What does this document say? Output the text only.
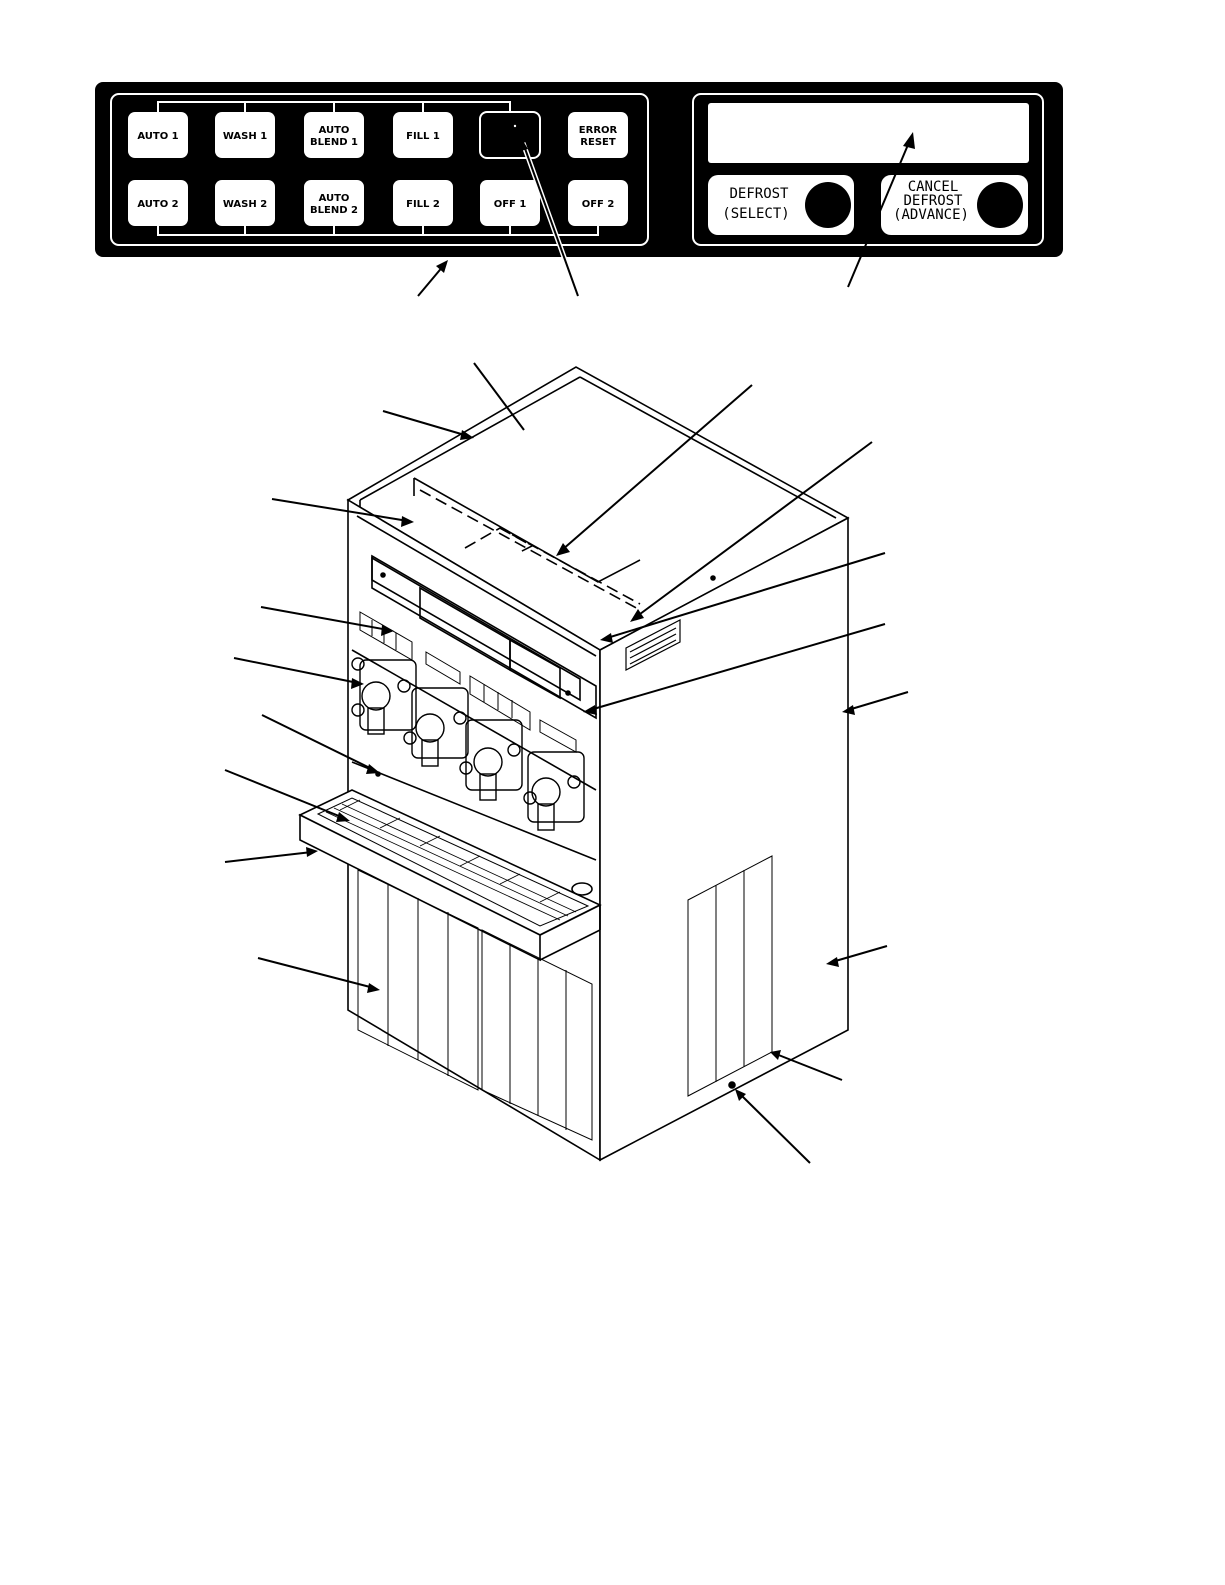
AUTO 1	WASH 1
AUTO
BLEND 1
FILL 1
ERROR
RESET
AUTO 2	WASH 2
AUTO
BLEND 2
FILL 2	OFF 1	OFF 2
DEFROST
(SELECT)
CANCEL
DEFROST
(ADVANCE)
